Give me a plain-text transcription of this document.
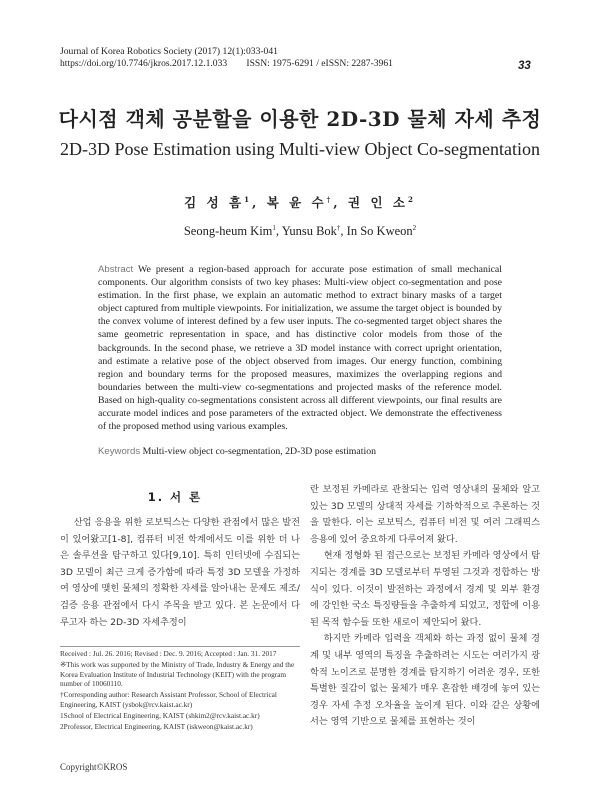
Journal of Korea Robotics Society (2017) 12(1):033-041
https://doi.org/10.7746/jkros.2017.12.1.033        ISSN: 1975-6291 / eISSN: 2287-3961	33
다시점 객체 공분할을 이용한 2D-3D 물체 자세 추정
2D-3D Pose Estimation using Multi-view Object Co-segmentation
김 성 흠$^1$, 복 윤 수†, 권 인 소$^2$
Seong-heum Kim$^1$, Yunsu Bok†, In So Kweon$^2$
Abstract We present a region-based approach for accurate pose estimation of small mechanical components. Our algorithm consists of two key phases: Multi-view object co-segmentation and pose estimation. In the first phase, we explain an automatic method to extract binary masks of a target object captured from multiple viewpoints. For initialization, we assume the target object is bounded by the convex volume of interest defined by a few user inputs. The co-segmented target object shares the same geometric representation in space, and has distinctive color models from those of the backgrounds. In the second phase, we retrieve a 3D model instance with correct upright orientation, and estimate a relative pose of the object observed from images. Our energy function, combining region and boundary terms for the proposed measures, maximizes the overlapping regions and boundaries between the multi-view co-segmentations and projected masks of the reference model. Based on high-quality co-segmentations consistent across all different viewpoints, our final results are accurate model indices and pose parameters of the extracted object. We demonstrate the effectiveness of the proposed method using various examples.
Keywords Multi-view object co-segmentation, 2D-3D pose estimation
1. 서 론

산업 응용을 위한 로보틱스는 다양한 관점에서 많은 발전이 있어왔고[1-8], 컴퓨터 비전 학계에서도 이를 위한 더 나은 솔루션을 탐구하고 있다[9,10]. 특히 인터넷에 수집되는 3D 모델이 최근 크게 증가함에 따라 특정 3D 모델을 가정하여 영상에 맺힌 물체의 정확한 자세를 알아내는 문제도 제조/검증 응용 관점에서 다시 주목을 받고 있다. 본 논문에서 다루고자 하는 2D-3D 자세추정이

란 보정된 카메라로 관찰되는 입력 영상내의 물체와 알고있는 3D 모델의 상대적 자세를 기하학적으로 추론하는 것을 말한다. 이는 로보틱스, 컴퓨터 비전 및 여러 그래픽스 응용에 있어 중요하게 다루어져 왔다.

현재 정형화 된 접근으로는 보정된 카메라 영상에서 탐지되는 경계를 3D 모델로부터 투영된 그것과 정합하는 방식이 있다. 이것이 발전하는 과정에서 경계 및 외부 환경에 강인한 국소 특징량들을 추출하게 되었고, 정합에 이용된 목적 함수들 또한 새로이 제안되어 왔다.

하지만 카메라 입력을 객체화 하는 과정 없이 물체 경계 및 내부 영역의 특징을 추출하려는 시도는 여러가지 광학적 노이즈로 분명한 경계를 탐지하기 어려운 경우, 또한 특별한 질감이 없는 물체가 매우 혼잡한 배경에 놓여 있는 경우 자세 추정 오차율을 높이게 된다. 이와 같은 상황에서는 영역 기반으로 물체를 표현하는 것이

Received : Jul. 26. 2016; Revised : Dec. 9. 2016; Accepted : Jan. 31. 2017
※This work was supported by the Ministry of Trade, Industry & Energy and the Korea Evaluation Institute of Industrial Technology (KEIT) with the program number of 10060110.
†Corresponding author: Research Assistant Professor, School of Electrical Engineering, KAIST (ysbok@rcv.kaist.ac.kr)
1School of Electrical Engineering, KAIST (shkim2@rcv.kaist.ac.kr)
2Professor, Electrical Engineering, KAIST (iskweon@kaist.ac.kr)
Copyright©KROS
